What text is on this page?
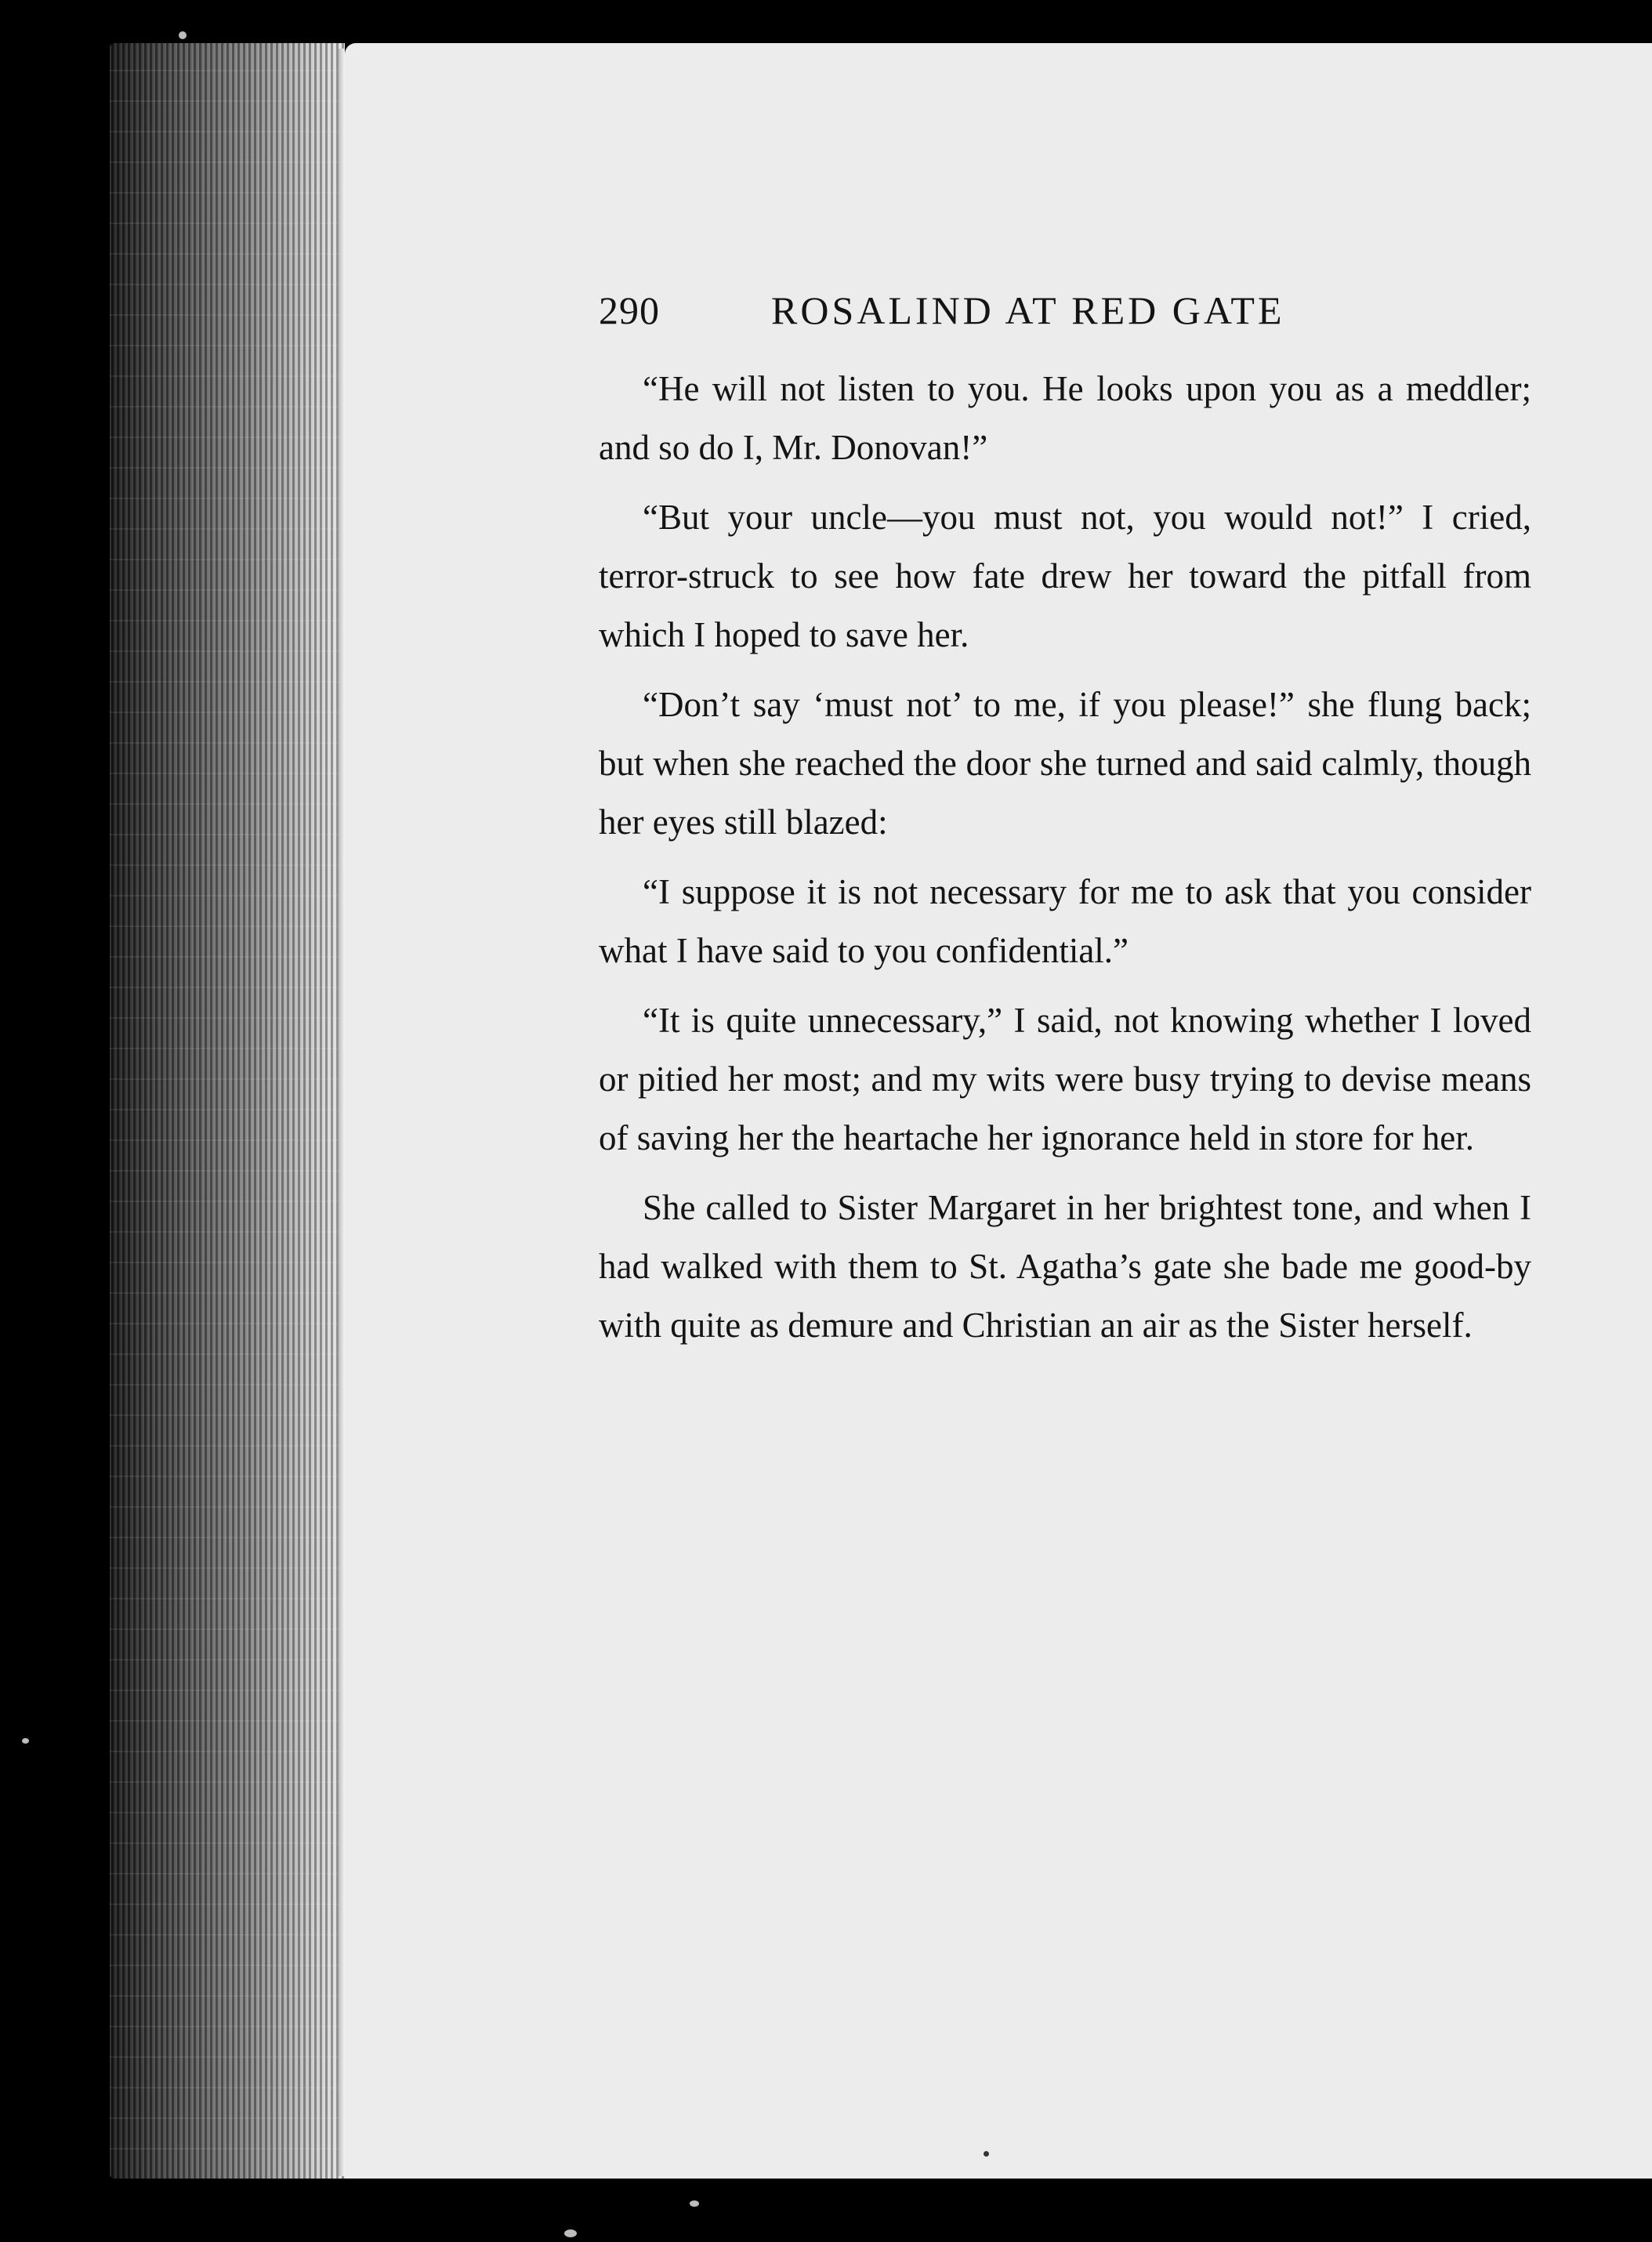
290	ROSALIND AT RED GATE

“He will not listen to you. He looks upon you as a meddler; and so do I, Mr. Donovan!”

“But your uncle—you must not, you would not!” I cried, terror-struck to see how fate drew her toward the pitfall from which I hoped to save her.

“Don’t say ‘must not’ to me, if you please!” she flung back; but when she reached the door she turned and said calmly, though her eyes still blazed:

“I suppose it is not necessary for me to ask that you consider what I have said to you confidential.”

“It is quite unnecessary,” I said, not knowing whether I loved or pitied her most; and my wits were busy trying to devise means of saving her the heartache her ignorance held in store for her.

She called to Sister Margaret in her brightest tone, and when I had walked with them to St. Agatha’s gate she bade me good-by with quite as demure and Christian an air as the Sister herself.
